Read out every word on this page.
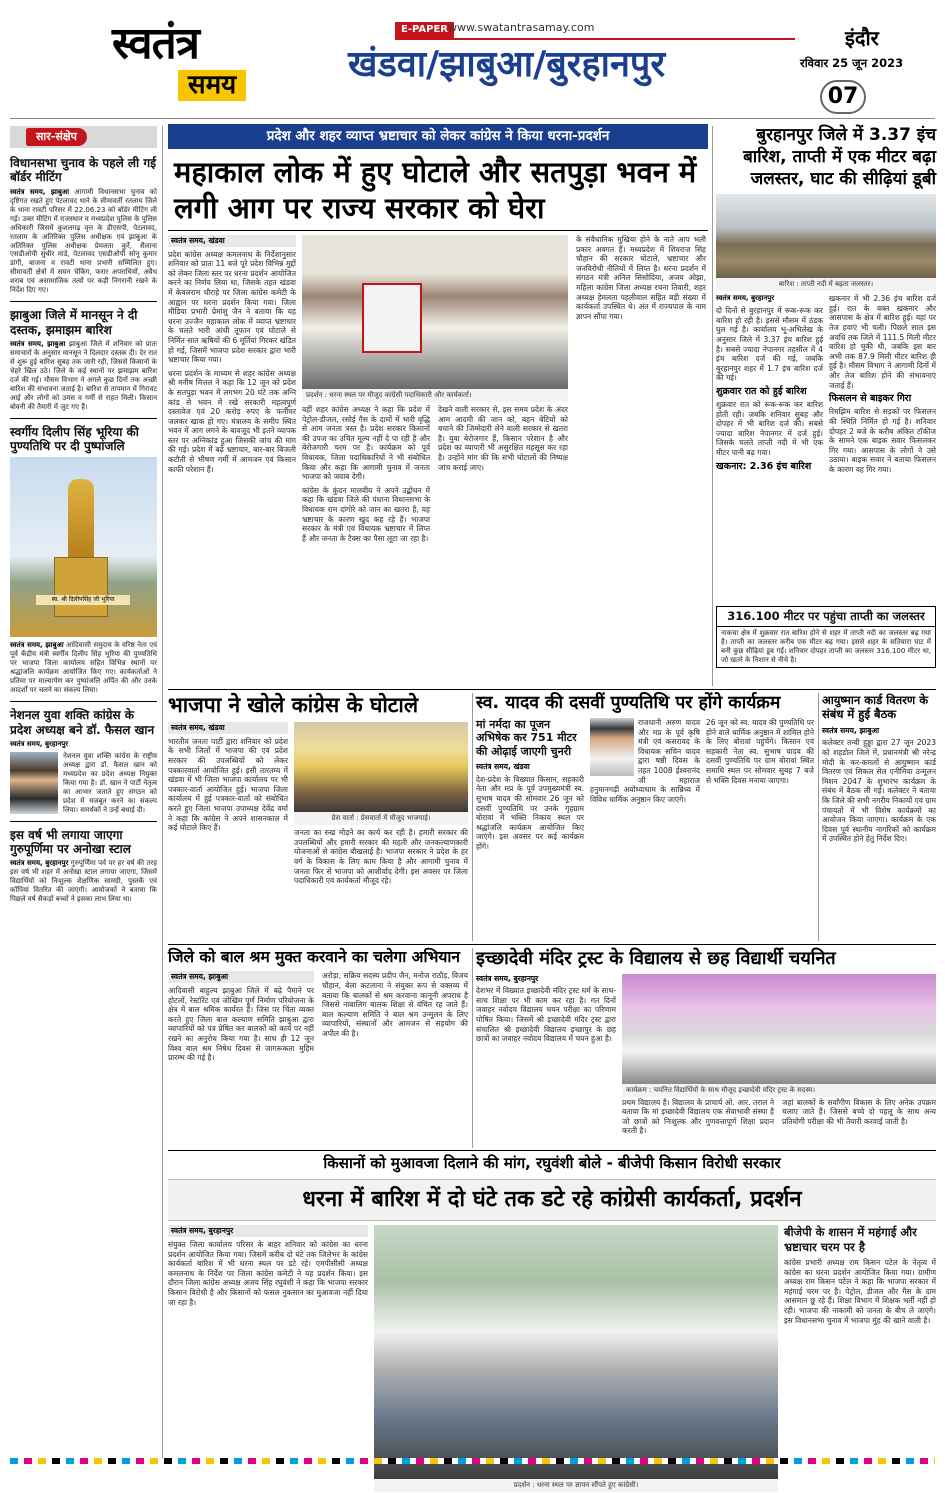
स्वतंत्र
समय
E-PAPER www.swatantrasamay.com
खंडवा/झाबुआ/बुरहानपुर
इंदौर
रविवार 25 जून 2023
07
सार-संक्षेप
विधानसभा चुनाव के पहले ली गई बॉर्डर मीटिंग
स्वतंत्र समय, झाबुआ आगामी विधानसभा चुनाव को दृष्टिगत रखते हुए पेटलावद थाने के सीमावर्ती रतलाम जिले के थाना रावटी परिसर में 22.06.23 को बॉर्डर मीटिंग ली गई। उक्त मीटिंग में राजस्थान व मध्यप्रदेश पुलिस के पुलिस अधिकारी जिसमें कुशलगढ़ वृत्त के डीएसपी, पेटलावद, रतलाम के अतिरिक्त पुलिस अधीक्षक एवं झाबुआ के अतिरिक्त पुलिस अधीक्षक प्रेमलता कुर्रे, सैलाना एसडीओपी सुधीर मांडे, पेटलावद एसडीओपी सोनू कुमार डांगी, बाजना व रावटी थाना प्रभारी सम्मिलित हुए। सीमावर्ती क्षेत्रों में सघन चेकिंग, फरार अपराधियों, अवैध शराब एवं असामाजिक तत्वों पर कड़ी निगरानी रखने के निर्देश दिए गए।
झाबुआ जिले में मानसून ने दी दस्तक, झमाझम बारिश
स्वतंत्र समय, झाबुआ झाबुआ जिले में शनिवार को प्रातः समाचारों के अनुसार मानसून ने दिलदार दस्तक दी। देर रात से शुरू हुई बारिश सुबह तक जारी रही, जिससे किसानों के चेहरे खिल उठे। जिले के कई स्थानों पर झमाझम बारिश दर्ज की गई। मौसम विभाग ने अगले कुछ दिनों तक अच्छी बारिश की संभावना जताई है। बारिश से तापमान में गिरावट आई और लोगों को उमस व गर्मी से राहत मिली। किसान बोवनी की तैयारी में जुट गए हैं।
स्वर्गीय दिलीप सिंह भूरिया की पुण्यतिथि पर दी पुष्पांजलि
स्व. श्री दिलीपसिंह जी भूरिया
स्वतंत्र समय, झाबुआ आदिवासी समुदाय के वरिष्ठ नेता एवं पूर्व केंद्रीय मंत्री स्वर्गीय दिलीप सिंह भूरिया की पुण्यतिथि पर भाजपा जिला कार्यालय सहित विभिन्न स्थानों पर श्रद्धांजलि कार्यक्रम आयोजित किए गए। कार्यकर्ताओं ने प्रतिमा पर माल्यार्पण कर पुष्पांजलि अर्पित की और उनके आदर्शों पर चलने का संकल्प लिया।
नेशनल युवा शक्ति कांग्रेस के प्रदेश अध्यक्ष बने डॉ. फैसल खान
स्वतंत्र समय, बुरहानपुर
नेशनल युवा शक्ति कांग्रेस के राष्ट्रीय अध्यक्ष द्वारा डॉ. फैसल खान को मध्यप्रदेश का प्रदेश अध्यक्ष नियुक्त किया गया है। डॉ. खान ने पार्टी नेतृत्व का आभार जताते हुए संगठन को प्रदेश में मजबूत करने का संकल्प लिया। समर्थकों ने उन्हें बधाई दी।
इस वर्ष भी लगाया जाएगा गुरुपूर्णिमा पर अनोखा स्टाल
स्वतंत्र समय, बुरहानपुर गुरुपूर्णिमा पर्व पर हर वर्ष की तरह इस वर्ष भी शहर में अनोखा स्टाल लगाया जाएगा, जिसमें विद्यार्थियों को निःशुल्क शैक्षणिक सामग्री, पुस्तकें एवं कॉपियां वितरित की जाएंगी। आयोजकों ने बताया कि पिछले वर्ष सैकड़ों बच्चों ने इसका लाभ लिया था।
प्रदेश और शहर व्याप्त भ्रष्टाचार को लेकर कांग्रेस ने किया धरना-प्रदर्शन
महाकाल लोक में हुए घोटाले और सतपुड़ा भवन में लगी आग पर राज्य सरकार को घेरा
स्वतंत्र समय, खंडवा
प्रदेश कांग्रेस अध्यक्ष कमलनाथ के निर्देशानुसार शनिवार को प्रातः 11 बजे पूरे प्रदेश विभिन्न मुद्दों को लेकर जिला स्तर पर धरना प्रदर्शन आयोजित करने का निर्णय लिया था, जिसके तहत खंडवा में केवलराम चौराहे पर जिला कांग्रेस कमेटी के आह्वान पर धरना प्रदर्शन किया गया। जिला मीडिया प्रभारी प्रेमांशु जैन ने बताया कि यह धरना उज्जैन महाकाल लोक में व्याप्त भ्रष्टाचार के चलते भारी आंधी तूफान एवं घोटाले से निर्मित सात ऋषियों की 6 मूर्तियां गिरकर खंडित हो गई, जिसमें भाजपा प्रदेश सरकार द्वारा भारी भ्रष्टाचार किया गया।
धरना प्रदर्शन के माध्यम से शहर कांग्रेस अध्यक्ष श्री मनीष मित्तल ने कहा कि 12 जून को प्रदेश के सतपुड़ा भवन में लगभग 20 घंटे तक अग्नि कांड से भवन में रखे सरकारी महत्वपूर्ण दस्तावेज एवं 20 करोड़ रुपए के फर्नीचर जलकर खाक हो गए। मंत्रालय के समीप स्थित भवन में आग लगने के बावजूद भी इतने व्यापक स्तर पर अग्निकांड हुआ जिसकी जांच की मांग की गई। प्रदेश में बढ़े भ्रष्टाचार, बार-बार बिजली कटौती से भीषण गर्मी में आमजन एवं किसान काफी परेशान हैं।
प्रदर्शन : धरना स्थल पर मौजूद कांग्रेसी पदाधिकारी और कार्यकर्ता।
वहीं शहर कांग्रेस अध्यक्ष ने कहा कि प्रदेश में पेट्रोल-डीजल, रसोई गैस के दामों में भारी वृद्धि से आम जनता त्रस्त है। प्रदेश सरकार किसानों की उपज का उचित मूल्य नहीं दे पा रही है और बेरोजगारी चरम पर है। कार्यक्रम को पूर्व विधायक, जिला पदाधिकारियों ने भी संबोधित किया और कहा कि आगामी चुनाव में जनता भाजपा को जवाब देगी।
कांग्रेस के कुंदन मालवीय ने अपने उद्बोधन में कहा कि खंडवा जिले की पंधाना विधानसभा के विधायक राम दांगोरे को जान का खतरा है, यह भ्रष्टाचार के कारण खुद कह रहे हैं। भाजपा सरकार के मंत्री एवं विधायक भ्रष्टाचार में लिप्त हैं और जनता के टैक्स का पैसा लूटा जा रहा है।
देखने वाली सरकार से, इस समय प्रदेश के अंदर आम आदमी की जान को, बहन बेटियों को बचाने की जिम्मेदारी लेने वाली सरकार से खतरा है। युवा बेरोजगार हैं, किसान परेशान है और प्रदेश का व्यापारी भी असुरक्षित महसूस कर रहा है। उन्होंने मांग की कि सभी घोटालों की निष्पक्ष जांच कराई जाए।
के संवैधानिक मुखिया होने के नाते आप भली प्रकार अवगत हैं। मध्यप्रदेश में शिवराज सिंह चौहान की सरकार घोटाले, भ्रष्टाचार और जनविरोधी नीतियों में लिप्त है। धरना प्रदर्शन में संगठन मंत्री अनिल सिसोदिया, अजय ओझा, महिला कांग्रेस जिला अध्यक्ष रचना तिवारी, शहर अध्यक्ष हेमलता पहलीवाल सहित बड़ी संख्या में कार्यकर्ता उपस्थित थे। अंत में राज्यपाल के नाम ज्ञापन सौंपा गया।
बुरहानपुर जिले में 3.37 इंच बारिश, ताप्ती में एक मीटर बढ़ा जलस्तर, घाट की सीढ़ियां डूबी
बारिश : ताप्ती नदी में बढ़ता जलस्तर।
स्वतंत्र समय, बुरहानपुर
दो दिनों से बुरहानपुर में रूक-रूक कर बारिश हो रही है। इससे मौसम में ठंडक घुल गई है। कार्यालय भू-अभिलेख के अनुसार जिले में 3.37 इंच बारिश हुई है। सबसे ज्यादा नेपानगर तहसील में 4 इंच बारिश दर्ज की गई, जबकि बुरहानपुर शहर में 1.7 इंच बारिश दर्ज की गई।
शुक्रवार रात को हुई बारिश
शुक्रवार रात को रूक-रूक कर बारिश होती रही। जबकि शनिवार सुबह और दोपहर में भी बारिश दर्ज की। सबसे ज्यादा बारिश नेपानगर में दर्ज हुई। जिसके चलते ताप्ती नदी में भी एक मीटर पानी बढ़ गया।
खकनार: 2.36 इंच बारिश
खकनार में भी 2.36 इंच बारिश दर्ज हुई। रात के वक्त खकनार और आसपास के क्षेत्र में बारिश हुई। यहां पर तेज हवाएं भी चली। पिछले साल इस अवधि तक जिले में 111.5 मिली मीटर बारिश हो चुकी थी, जबकि इस बार अभी तक 87.9 मिली मीटर बारिश ही हुई है। मौसम विभाग ने आगामी दिनों में और तेज बारिश होने की संभावनाएं जताई हैं।
फिसलन से बाइकर गिरा
रिमझिम बारिश से सड़कों पर फिसलन की स्थिति निर्मित हो गई है। शनिवार दोपहर 2 बजे के करीब अंकित टॉकीज के सामने एक बाइक सवार फिसलकर गिर गया। आसपास के लोगों ने उसे उठाया। बाइक सवार ने बताया फिसलन के कारण वह गिर गया।
316.100 मीटर पर पहुंचा ताप्ती का जलस्तर
नाकचा क्षेत्र में शुक्रवार रात बारिश होने से शहर में ताप्ती नदी का जलस्तर बढ़ गया है। ताप्ती का जलस्तर करीब एक मीटर बढ़ गया। इससे शहर के सतियारा घाट में बनी कुछ सीढ़ियां डूब गईं। शनिवार दोपहर ताप्ती का जलस्तर 316.100 मीटर था, जो खतरे के निशान से नीचे है।
भाजपा ने खोले कांग्रेस के घोटाले
स्वतंत्र समय, खंडवा
भारतीय जनता पार्टी द्वारा शनिवार को प्रदेश के सभी जिलों में भाजपा की एवं प्रदेश सरकार की उपलब्धियों को लेकर पत्रकारवार्ता आयोजित हुई। इसी तारतम्य में खंडवा में भी जिला भाजपा कार्यालय पर भी पत्रकार-वार्ता आयोजित हुई। भाजपा जिला कार्यालय में हुई पत्रकार-वार्ता को संबोधित करते हुए जिला भाजपा उपाध्यक्ष देवेंद्र वर्मा ने कहा कि कांग्रेस ने अपने शासनकाल में कई घोटाले किए हैं।
प्रेस वार्ता : प्रेसवार्ता में मौजूद भाजपाई।
जनता का रुख मोड़ने का कार्य कर रही है। हमारी सरकार की उपलब्धियों और हमारी सरकार की महती और जनकल्याणकारी योजनाओं से कांग्रेस बौखलाई है। भाजपा सरकार ने प्रदेश के हर वर्ग के विकास के लिए काम किया है और आगामी चुनाव में जनता फिर से भाजपा को आशीर्वाद देगी। इस अवसर पर जिला पदाधिकारी एवं कार्यकर्ता मौजूद रहे।
स्व. यादव की दसवीं पुण्यतिथि पर होंगे कार्यक्रम
मां नर्मदा का पूजन अभिषेक कर 751 मीटर की ओढ़ाई जाएगी चुनरी
स्वतंत्र समय, खंडवा
देश-प्रदेश के विख्यात किसान, सहकारी नेता और मप्र के पूर्व उपमुख्यमंत्री स्व. सुभाष यादव की सोमवार 26 जून को दसवीं पुण्यतिथि पर उनके गृहग्राम बोरावां में भक्ति निकाय स्थल पर श्रद्धांजलि कार्यक्रम आयोजित किए जाएंगे। इस अवसर पर कई कार्यक्रम होंगे।
राजधानी अरुण यादव और मप्र के पूर्व कृषि मंत्री एवं कसरावद के विधायक सचिन यादव द्वारा षष्ठी दिवस के तहत 1008 ईश्वरानंद जी महाराज हनुमानगढ़ी अयोध्याधाम के सान्निध्य में विविध धार्मिक अनुष्ठान किए जाएंगे।
26 जून को स्व. यादव की पुण्यतिथि पर होने वाले धार्मिक अनुष्ठान में शामिल होने के लिए बोरावां पहुंचेंगे। किसान एवं सहकारी नेता स्व. सुभाष यादव की दसवीं पुण्यतिथि पर ग्राम बोरावां स्थित समाधि स्थल पर सोमवार सुबह 7 बजे से भक्ति दिवस मनाया जाएगा।
आयुष्मान कार्ड वितरण के संबंध में हुई बैठक
स्वतंत्र समय, झाबुआ
कलेक्टर तन्वी हुड्डा द्वारा 27 जून 2023 को शहडोल जिले में, प्रधानमंत्री श्री नरेन्द्र मोदी के कर-कमलों से आयुष्मान कार्ड वितरण एवं सिकल सेल एनीमिया उन्मूलन मिशन 2047 के शुभारंभ कार्यक्रम के संबंध में बैठक ली गई। कलेक्टर ने बताया कि जिले की सभी नगरीय निकायों एवं ग्राम पंचायतों में भी विशेष कार्यक्रमों का आयोजन किया जाएगा। कार्यक्रम के एक दिवस पूर्व स्थानीय नागरिकों को कार्यक्रम में उपस्थित होने हेतु निर्देश दिए।
जिले को बाल श्रम मुक्त करवाने का चलेगा अभियान
स्वतंत्र समय, झाबुआ
आदिवासी बाहुल्य झाबुआ जिले में बढ़े पैमाने पर होटलों, रेस्टॉरेंट एवं जोखिम पूर्ण निर्माण परियोजना के क्षेत्र में बाल श्रमिक कार्यरत हैं। जिस पर चिंता व्यक्त करते हुए जिला बाल कल्याण समिति झाबुआ द्वारा व्यापारियों को पत्र प्रेषित कर बालकों को कार्य पर नहीं रखने का अनुरोध किया गया है। साथ ही 12 जून विश्व बाल श्रम निषेध दिवस से जागरूकता मुहिम प्रारम्भ की गई है।
अरोड़ा, सक्रिय सदस्य प्रदीप जैन, मनोज राठौड़, विजय चौहान, बेला कटलाना ने संयुक्त रूप से वक्तव्य में बताया कि बालकों से श्रम करवाना कानूनी अपराध है जिससे नाबालिग बालक शिक्षा से वंचित रह जाते हैं। बाल कल्याण समिति ने बाल श्रम उन्मूलन के लिए व्यापारियों, संस्थानों और आमजन से सहयोग की अपील की है।
इच्छादेवी मंदिर ट्रस्ट के विद्यालय से छह विद्यार्थी चयनित
स्वतंत्र समय, बुरहानपुर
देशभर में विख्यात इच्छादेवी मंदिर ट्रस्ट धर्म के साथ-साथ शिक्षा पर भी काम कर रहा है। गत दिनों जवाहर नवोदय विद्यालय चयन परीक्षा का परिणाम घोषित किया। जिसमें श्री इच्छादेवी मंदिर ट्रस्ट द्वारा संचालित श्री इच्छादेवी विद्यालय इच्छापुर के छह छात्रों का जवाहर नवोदय विद्यालय में चयन हुआ है।
कार्यक्रम : चयनित विद्यार्थियों के साथ मौजूद इच्छादेवी मंदिर ट्रस्ट के सदस्य।
प्रथम विद्यालय है। विद्यालय के प्राचार्य ओ. आर. तराल ने बताया कि मां इच्छादेवी विद्यालय एक सेवाभावी संस्था है जो छात्रों को निःशुल्क और गुणवत्तापूर्ण शिक्षा प्रदान करती है।
जहां बालकों के सर्वांगीण विकास के लिए अनेक उपक्रम चलाए जाते हैं। जिससे बच्चे दो पहलू के साथ अन्य प्रतियोगी परीक्षा की भी तैयारी करवाई जाती है।
किसानों को मुआवजा दिलाने की मांग, रघुवंशी बोले - बीजेपी किसान विरोधी सरकार
धरना में बारिश में दो घंटे तक डटे रहे कांग्रेसी कार्यकर्ता, प्रदर्शन
स्वतंत्र समय, बुरहानपुर
संयुक्त जिला कार्यालय परिसर के बाहर शनिवार को कांग्रेस का धरना प्रदर्शन आयोजित किया गया। जिसमें करीब दो घंटे तक जिलेभर के कांग्रेस कार्यकर्ता बारिश में भी धरना स्थल पर डटे रहे। एमपीसीसी अध्यक्ष कमलनाथ के निर्देश पर जिला कांग्रेस कमेटी ने यह प्रदर्शन किया। इस दौरान जिला कांग्रेस अध्यक्ष अजय सिंह रघुवंशी ने कहा कि भाजपा सरकार किसान विरोधी है और किसानों को फसल नुकसान का मुआवजा नहीं दिया जा रहा है।
प्रदर्शन : धरना स्थल पर ज्ञापन सौंपते हुए कांग्रेसी।
बीजेपी के शासन में महंगाई और भ्रष्टाचार चरम पर है
कांग्रेस प्रभारी अध्यक्ष राम किसन पटेल के नेतृत्व में कांग्रेस का धरना प्रदर्शन आयोजित किया गया। ग्रामीण अध्यक्ष राम किसन पटेल ने कहा कि भाजपा सरकार में महंगाई चरम पर है। पेट्रोल, डीजल और गैस के दाम आसमान छू रहे हैं। शिक्षा विभाग में शिक्षक भर्ती नहीं हो रही। भाजपा की नाकामी को जनता के बीच ले जाएंगे। इस विधानसभा चुनाव में भाजपा मुंह की खाने वाली है।
